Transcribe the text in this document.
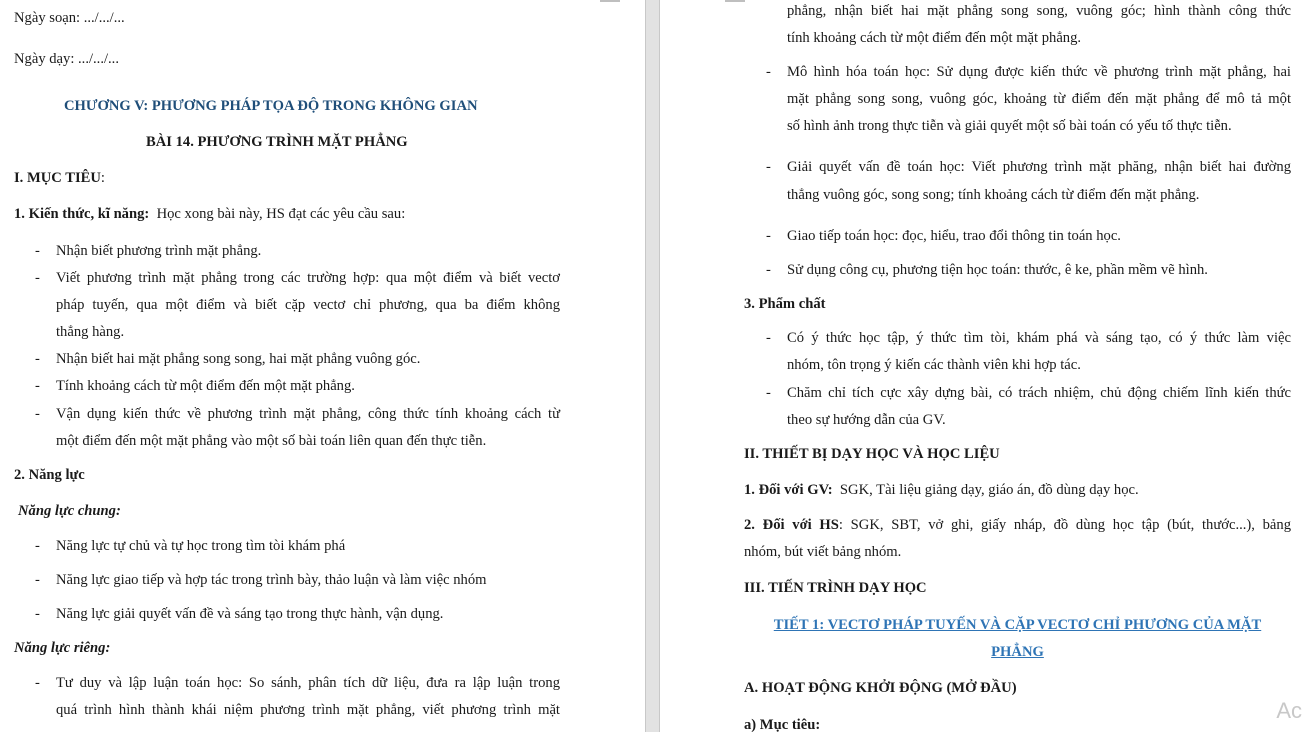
Ngày soạn: .../.../...
Ngày dạy: .../.../...
CHƯƠNG V: PHƯƠNG PHÁP TỌA ĐỘ TRONG KHÔNG GIAN
BÀI 14. PHƯƠNG TRÌNH MẶT PHẲNG
I. MỤC TIÊU:
1. Kiến thức, kĩ năng: Học xong bài này, HS đạt các yêu cầu sau:
- Nhận biết phương trình mặt phẳng.
- Viết phương trình mặt phẳng trong các trường hợp: qua một điểm và biết vectơ
pháp tuyến, qua một điểm và biết cặp vectơ chỉ phương, qua ba điểm không
thẳng hàng.
- Nhận biết hai mặt phẳng song song, hai mặt phẳng vuông góc.
- Tính khoảng cách từ một điểm đến một mặt phẳng.
- Vận dụng kiến thức về phương trình mặt phẳng, công thức tính khoảng cách từ
một điểm đến một mặt phẳng vào một số bài toán liên quan đến thực tiễn.
2. Năng lực
Năng lực chung:
- Năng lực tự chủ và tự học trong tìm tòi khám phá
- Năng lực giao tiếp và hợp tác trong trình bày, thảo luận và làm việc nhóm
- Năng lực giải quyết vấn đề và sáng tạo trong thực hành, vận dụng.
Năng lực riêng:
- Tư duy và lập luận toán học: So sánh, phân tích dữ liệu, đưa ra lập luận trong
quá trình hình thành khái niệm phương trình mặt phẳng, viết phương trình mặt
phẳng, nhận biết hai mặt phẳng song song, vuông góc; hình thành công thức
tính khoảng cách từ một điểm đến một mặt phẳng.
- Mô hình hóa toán học: Sử dụng được kiến thức về phương trình mặt phẳng, hai
mặt phẳng song song, vuông góc, khoảng từ điểm đến mặt phẳng để mô tả một
số hình ảnh trong thực tiễn và giải quyết một số bài toán có yếu tố thực tiễn.
- Giải quyết vấn đề toán học: Viết phương trình mặt phăng, nhận biết hai đường
thẳng vuông góc, song song; tính khoảng cách từ điểm đến mặt phẳng.
- Giao tiếp toán học: đọc, hiểu, trao đổi thông tin toán học.
- Sử dụng công cụ, phương tiện học toán: thước, ê ke, phần mềm vẽ hình.
3. Phẩm chất
- Có ý thức học tập, ý thức tìm tòi, khám phá và sáng tạo, có ý thức làm việc
nhóm, tôn trọng ý kiến các thành viên khi hợp tác.
- Chăm chỉ tích cực xây dựng bài, có trách nhiệm, chủ động chiếm lĩnh kiến thức
theo sự hướng dẫn của GV.
II. THIẾT BỊ DẠY HỌC VÀ HỌC LIỆU
1. Đối với GV: SGK, Tài liệu giảng dạy, giáo án, đồ dùng dạy học.
2. Đối với HS: SGK, SBT, vở ghi, giấy nháp, đồ dùng học tập (bút, thước...), bảng
nhóm, bút viết bảng nhóm.
III. TIẾN TRÌNH DẠY HỌC
TIẾT 1: VECTƠ PHÁP TUYẾN VÀ CẶP VECTƠ CHỈ PHƯƠNG CỦA MẶT
PHẲNG
A. HOẠT ĐỘNG KHỞI ĐỘNG (MỞ ĐẦU)
a) Mục tiêu:
Ac
